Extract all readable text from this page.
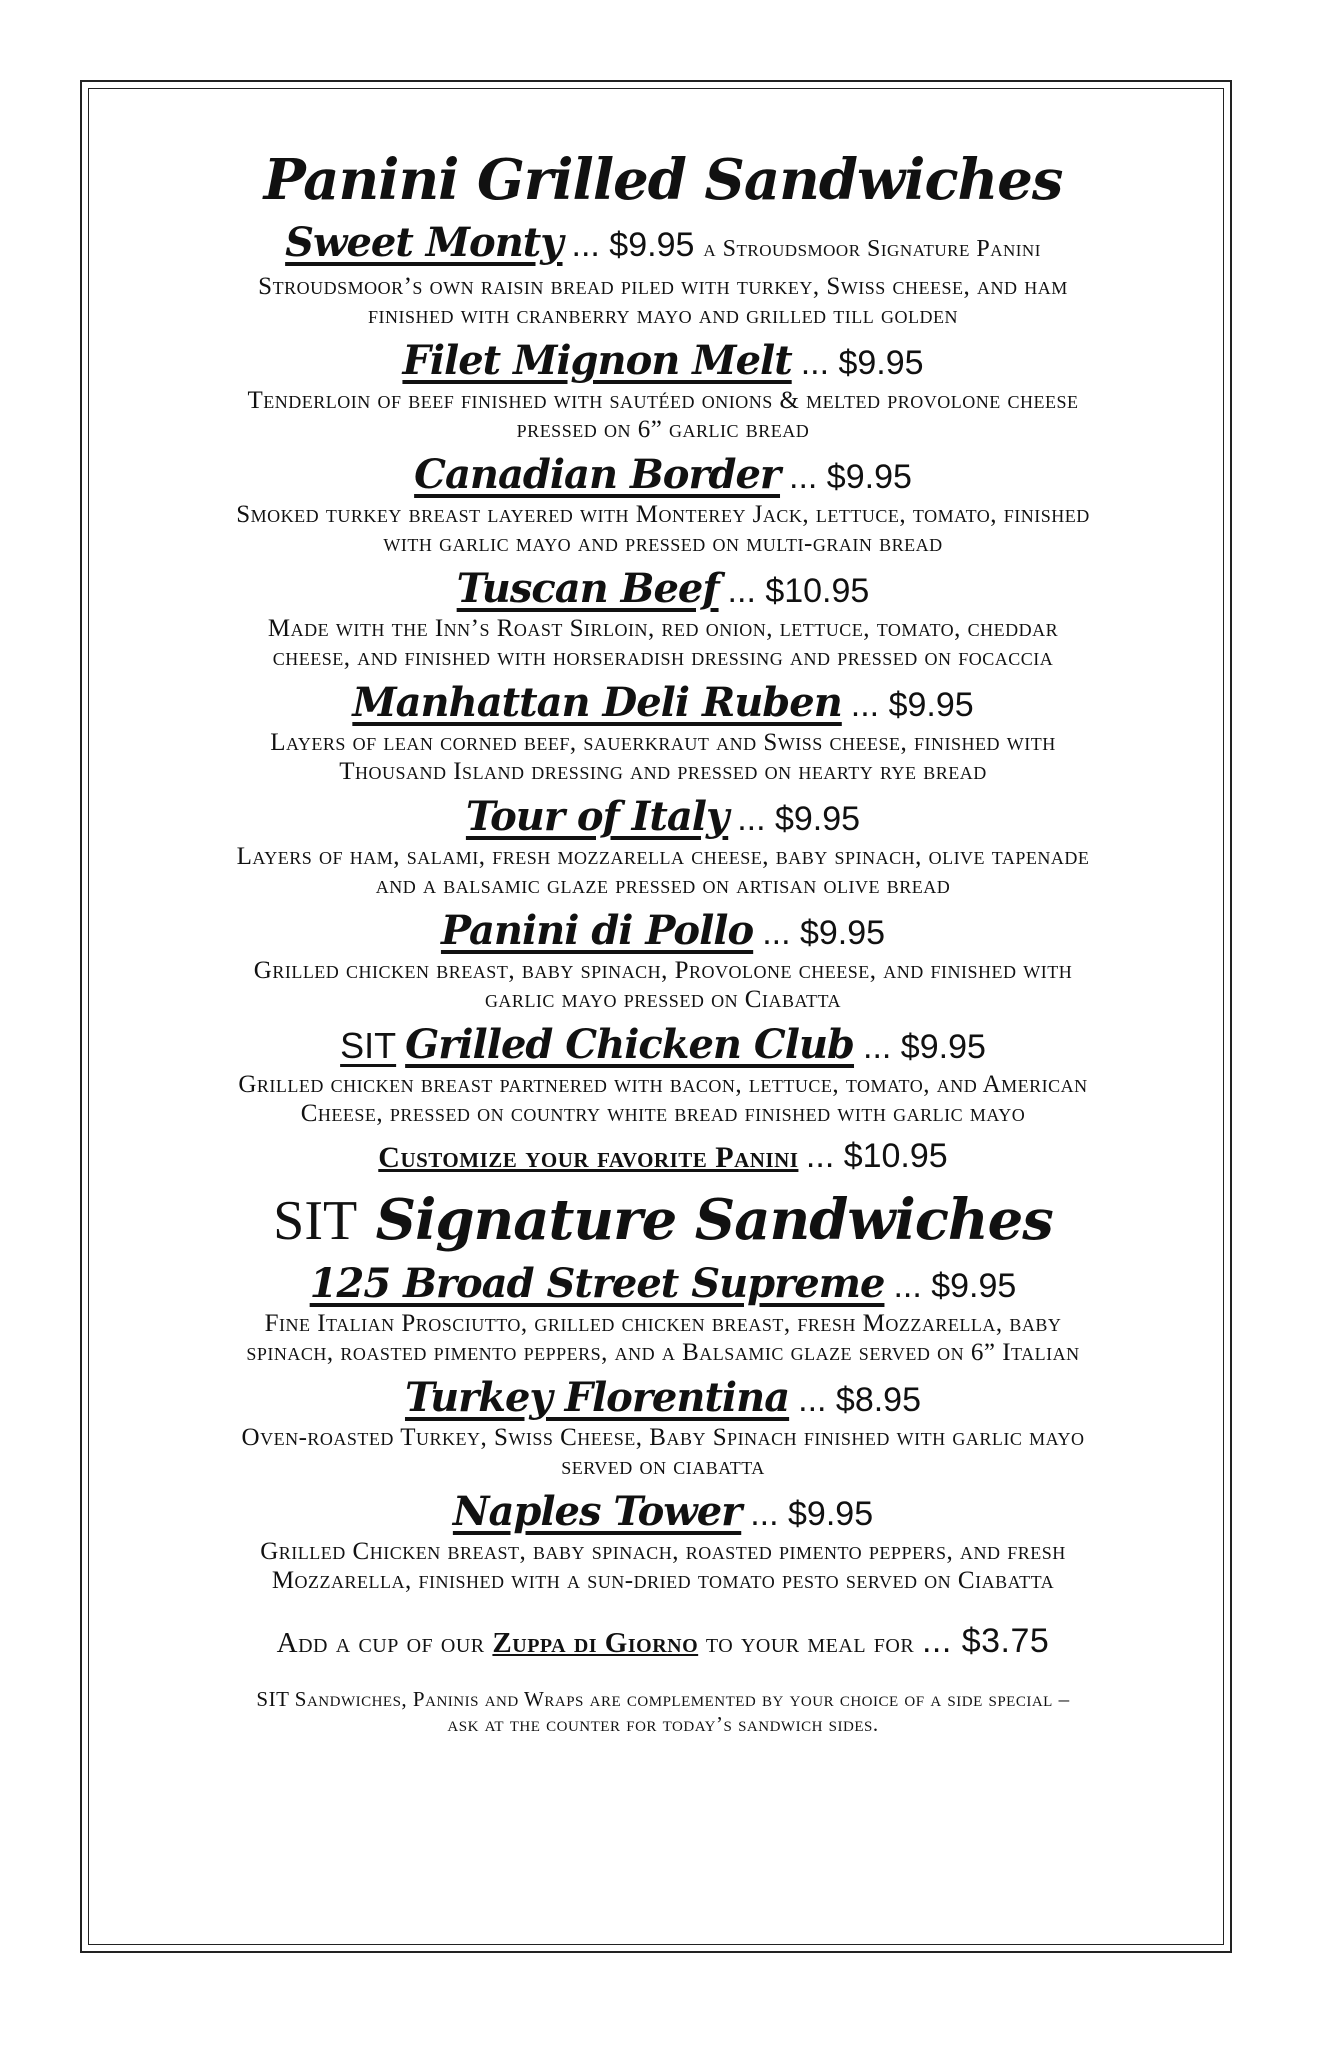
Panini Grilled Sandwiches
Sweet Monty ... $9.95 a Stroudsmoor Signature Panini
Stroudsmoor’s own raisin bread piled with turkey, Swiss cheese, and ham
finished with cranberry mayo and grilled till golden
Filet Mignon Melt ... $9.95
Tenderloin of beef finished with sautéed onions & melted provolone cheese
pressed on 6” garlic bread
Canadian Border ... $9.95
Smoked turkey breast layered with Monterey Jack, lettuce, tomato, finished
with garlic mayo and pressed on multi-grain bread
Tuscan Beef ... $10.95
Made with the Inn’s Roast Sirloin, red onion, lettuce, tomato, cheddar
cheese, and finished with horseradish dressing and pressed on focaccia
Manhattan Deli Ruben ... $9.95
Layers of lean corned beef, sauerkraut and Swiss cheese, finished with
Thousand Island dressing and pressed on hearty rye bread
Tour of Italy ... $9.95
Layers of ham, salami, fresh mozzarella cheese, baby spinach, olive tapenade
and a balsamic glaze pressed on artisan olive bread
Panini di Pollo ... $9.95
Grilled chicken breast, baby spinach, Provolone cheese, and finished with
garlic mayo pressed on Ciabatta
SIT Grilled Chicken Club ... $9.95
Grilled chicken breast partnered with bacon, lettuce, tomato, and American
Cheese, pressed on country white bread finished with garlic mayo
Customize your favorite Panini ... $10.95
SIT Signature Sandwiches
125 Broad Street Supreme ... $9.95
Fine Italian Prosciutto, grilled chicken breast, fresh Mozzarella, baby
spinach, roasted pimento peppers, and a Balsamic glaze served on 6” Italian
Turkey Florentina ... $8.95
Oven-roasted Turkey, Swiss Cheese, Baby Spinach finished with garlic mayo
served on ciabatta
Naples Tower ... $9.95
Grilled Chicken breast, baby spinach, roasted pimento peppers, and fresh
Mozzarella, finished with a sun-dried tomato pesto served on Ciabatta
Add a cup of our Zuppa di Giorno to your meal for ... $3.75
SIT Sandwiches, Paninis and Wraps are complemented by your choice of a side special –
ask at the counter for today’s sandwich sides.
